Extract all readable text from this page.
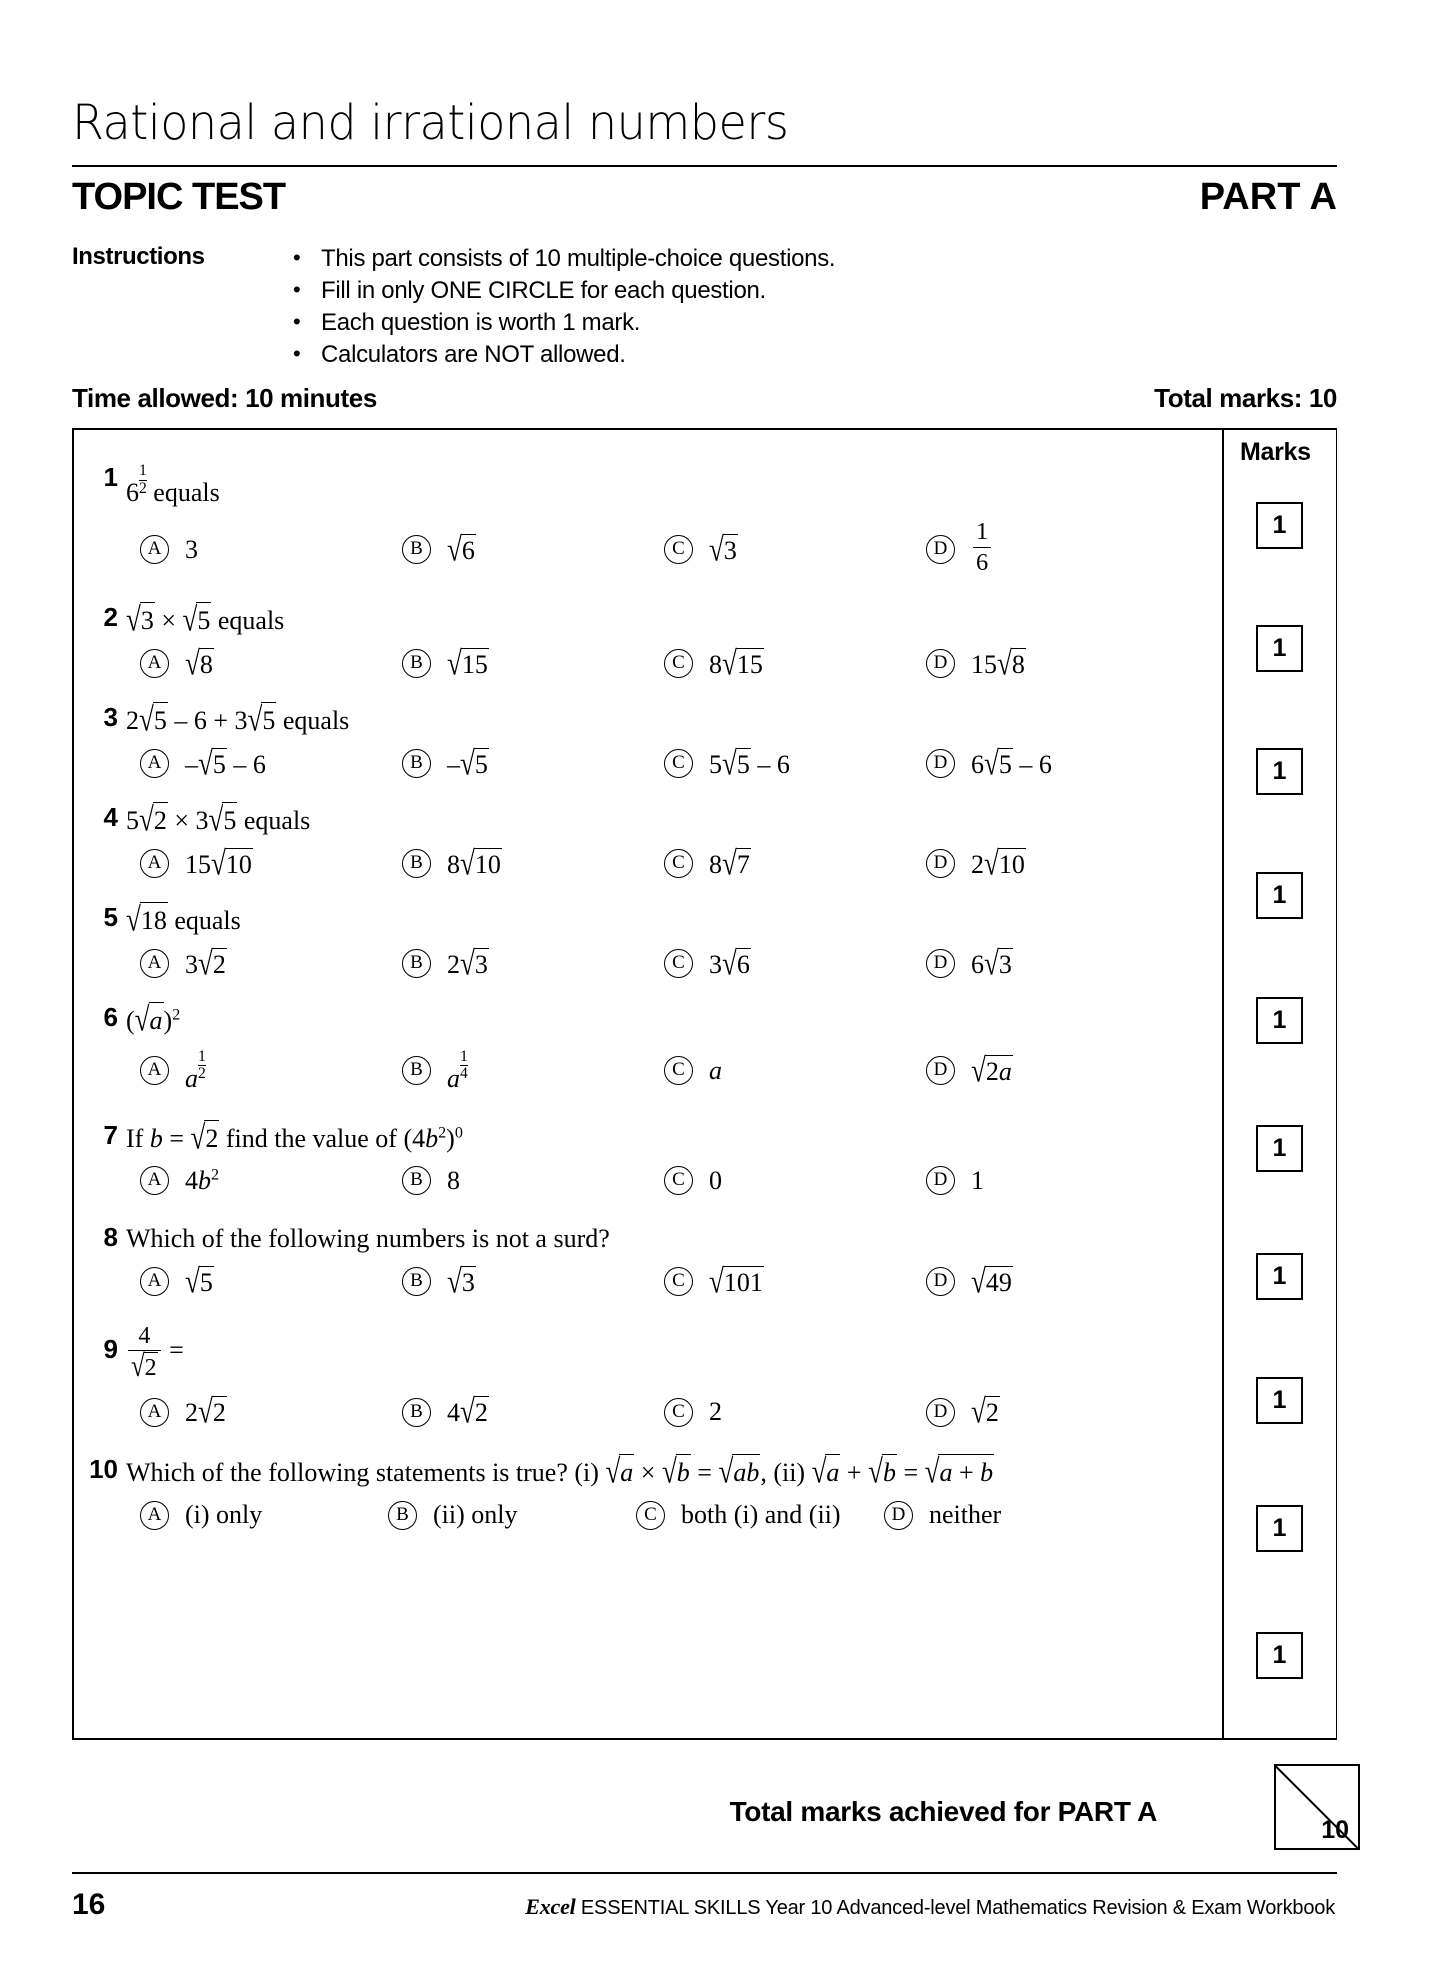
Rational and irrational numbers
TOPIC TEST	PART A
Instructions	• This part consists of 10 multiple-choice questions.
• Fill in only ONE CIRCLE for each question.
• Each question is worth 1 mark.
• Calculators are NOT allowed.
Time allowed: 10 minutes	Total marks: 10
Marks
1
$6 \frac{1}{2}$ equals
A 3	B √6	C √3	D	$\frac{1}{6}$
2 √3 × √5 equals
A √8	B √15	C 8√15	D 15√8
3 2√5 – 6 + 3√5 equals
A –√5 – 6	B –√5	C 5√5 – 6	D 6√5 – 6
4 5√2 × 3√5 equals
A 15√10	B 8√10	C 8√7	D 2√10
5 √18 equals
A 3√2	B 2√3	C 3√6	D 6√3
6 $(√a)^2$
A a $\frac{1}{2}$	B a $\frac{1}{4}$	C a	D √2a
7 If b = √2 find the value of $(4b^2)^0$
A $4b^2$	B 8	C 0	D 1
8 Which of the following numbers is not a surd?
A √5	B √3	C √101	D √49
$9 \frac{4}{√2}$ =
A 2√2	B 4√2	C 2	D √2
10 Which of the following statements is true? (i) √a × √b = √ab, (ii) √a + √b = √a + b
A (i) only	B (ii) only	C both (i) and (ii)	D neither
1
1
1
1
1
1
1
1
1
1
Total marks achieved for PART A
10
16	Excel ESSENTIAL SKILLS Year 10 Advanced-level Mathematics Revision & Exam Workbook
